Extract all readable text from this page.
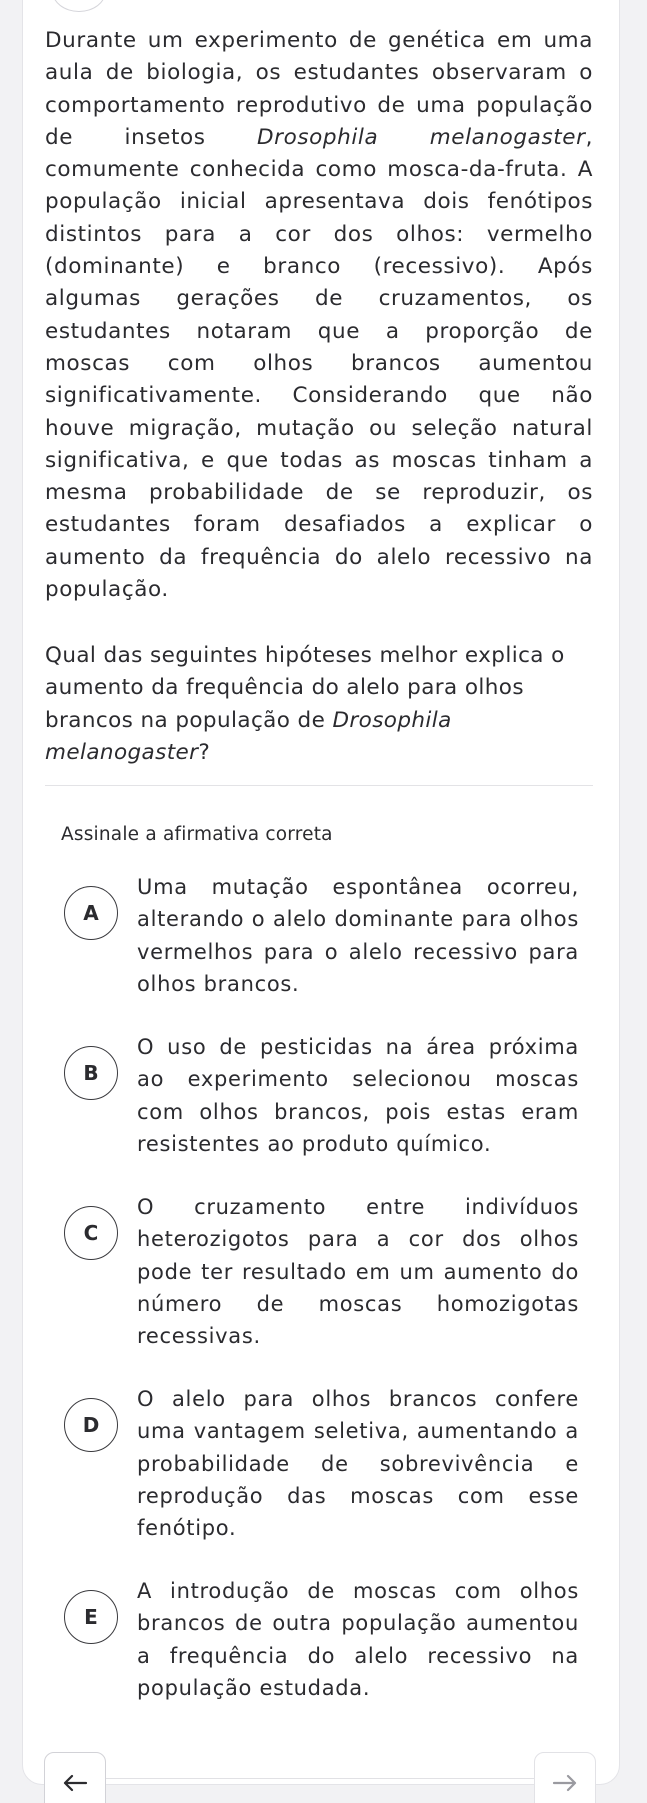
Durante um experimento de genética em uma aula de biologia, os estudantes observaram o comportamento reprodutivo de uma população de insetos Drosophila melanogaster, comumente conhecida como mosca-da-fruta. A população inicial apresentava dois fenótipos distintos para a cor dos olhos: vermelho (dominante) e branco (recessivo). Após algumas gerações de cruzamentos, os estudantes notaram que a proporção de moscas com olhos brancos aumentou significativamente. Considerando que não houve migração, mutação ou seleção natural significativa, e que todas as moscas tinham a mesma probabilidade de se reproduzir, os estudantes foram desafiados a explicar o aumento da frequência do alelo recessivo na população.

Qual das seguintes hipóteses melhor explica o aumento da frequência do alelo para olhos brancos na população de Drosophila melanogaster?

Assinale a afirmativa correta
A
Uma mutação espontânea ocorreu, alterando o alelo dominante para olhos vermelhos para o alelo recessivo para olhos brancos.
B
O uso de pesticidas na área próxima ao experimento selecionou moscas com olhos brancos, pois estas eram resistentes ao produto químico.
C
O cruzamento entre indivíduos heterozigotos para a cor dos olhos pode ter resultado em um aumento do número de moscas homozigotas recessivas.
D
O alelo para olhos brancos confere uma vantagem seletiva, aumentando a probabilidade de sobrevivência e reprodução das moscas com esse fenótipo.
E
A introdução de moscas com olhos brancos de outra população aumentou a frequência do alelo recessivo na população estudada.
